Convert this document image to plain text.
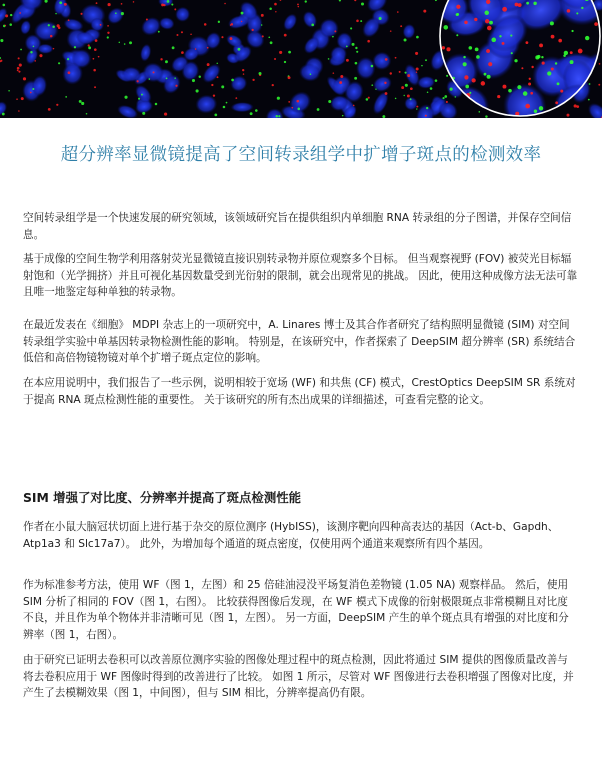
超分辨率显微镜提高了空间转录组学中扩增子斑点的检测效率

空间转录组学是一个快速发展的研究领域，该领域研究旨在提供组织内单细胞 RNA 转录组的分子图谱，并保存空间信息。

基于成像的空间生物学利用落射荧光显微镜直接识别转录物并原位观察多个目标。 但当观察视野 (FOV) 被荧光目标辐射饱和（光学拥挤）并且可视化基因数量受到光衍射的限制，就会出现常见的挑战。 因此，使用这种成像方法无法可靠且唯一地鉴定每种单独的转录物。

在最近发表在《细胞》 MDPI 杂志上的一项研究中，A. Linares 博士及其合作者研究了结构照明显微镜 (SIM) 对空间转录组学实验中单基因转录物检测性能的影响。 特别是，在该研究中，作者探索了 DeepSIM 超分辨率 (SR) 系统结合低倍和高倍物镜物镜对单个扩增子斑点定位的影响。

在本应用说明中，我们报告了一些示例，说明相较于宽场 (WF) 和共焦 (CF) 模式，CrestOptics DeepSIM SR 系统对于提高 RNA 斑点检测性能的重要性。 关于该研究的所有杰出成果的详细描述，可查看完整的论文。

SIM 增强了对比度、分辨率并提高了斑点检测性能

作者在小鼠大脑冠状切面上进行基于杂交的原位测序 (HybISS)，该测序靶向四种高表达的基因（Act-b、Gapdh、Atp1a3 和 Slc17a7）。 此外，为增加每个通道的斑点密度，仅使用两个通道来观察所有四个基因。

作为标准参考方法，使用 WF（图 1，左图）和 25 倍硅油浸没平场复消色差物镜 (1.05 NA) 观察样品。 然后，使用 SIM 分析了相同的 FOV（图 1，右图）。 比较获得图像后发现，在 WF 模式下成像的衍射极限斑点非常模糊且对比度不良，并且作为单个物体并非清晰可见（图 1，左图）。 另一方面，DeepSIM 产生的单个斑点具有增强的对比度和分辨率（图 1，右图）。

由于研究已证明去卷积可以改善原位测序实验的图像处理过程中的斑点检测，因此将通过 SIM 提供的图像质量改善与将去卷积应用于 WF 图像时得到的改善进行了比较。 如图 1 所示，尽管对 WF 图像进行去卷积增强了图像对比度，并产生了去模糊效果（图 1，中间图），但与 SIM 相比，分辨率提高仍有限。
